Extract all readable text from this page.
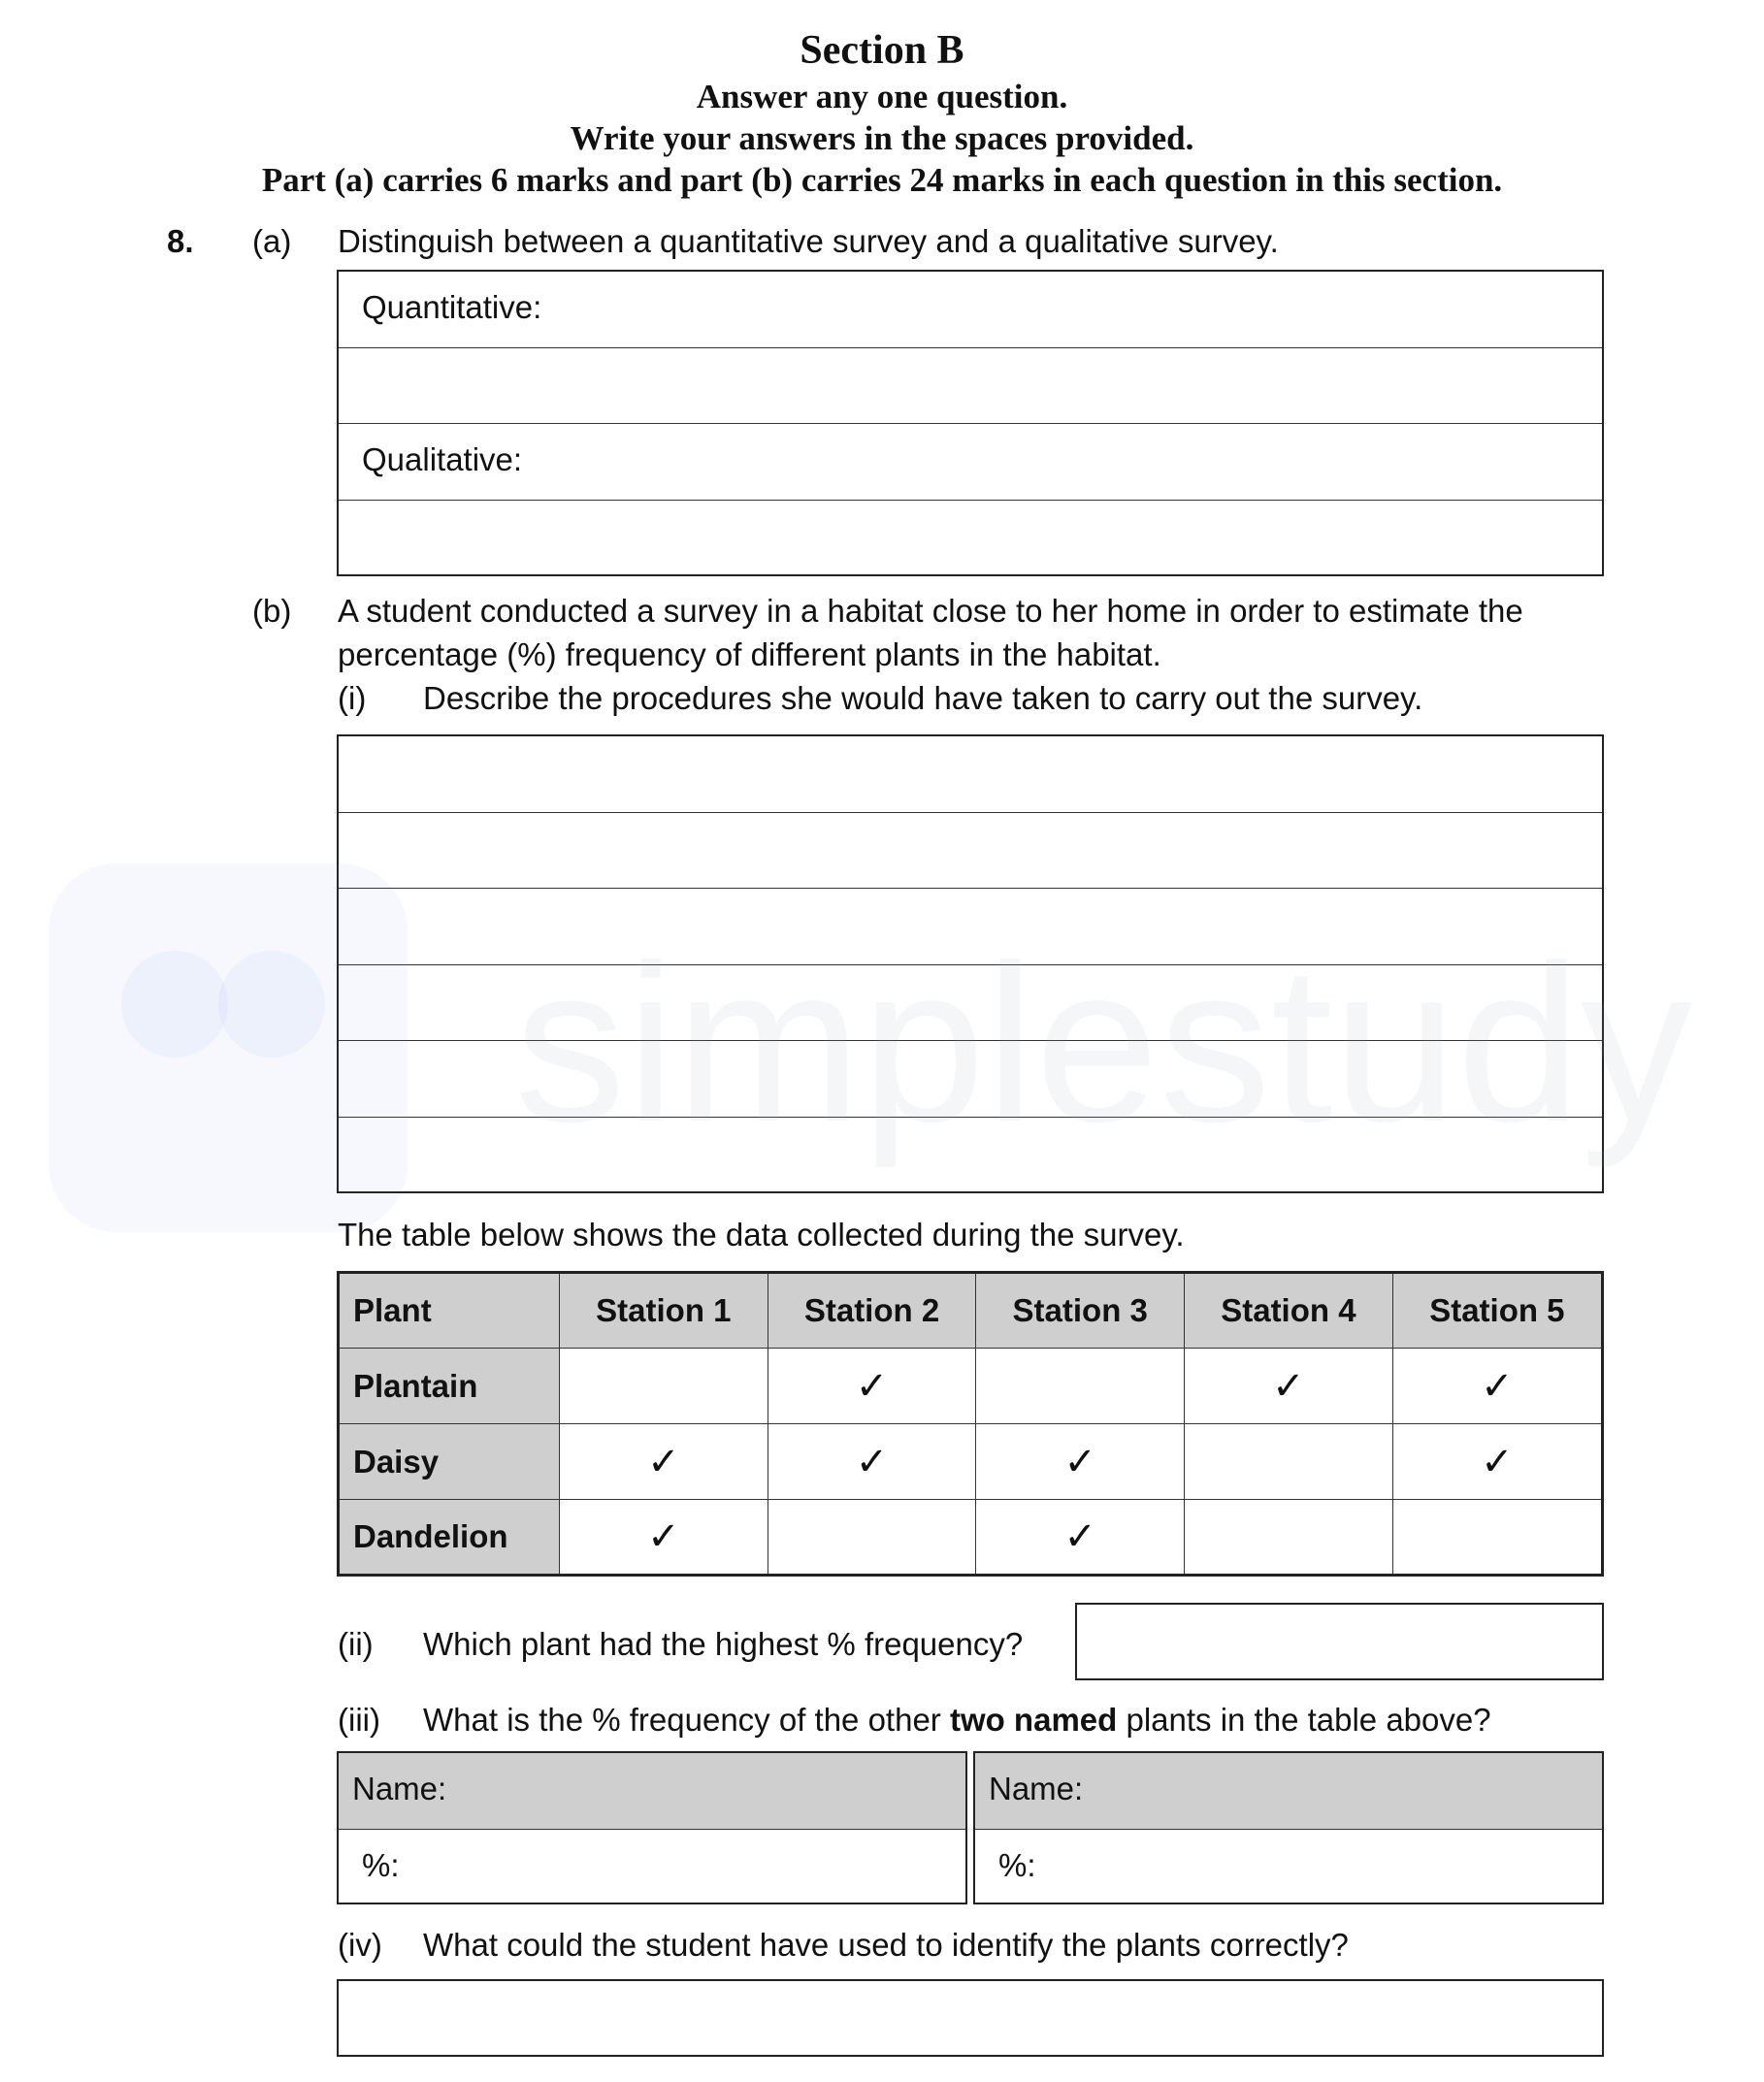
Section B
Answer any one question.
Write your answers in the spaces provided.
Part (a) carries 6 marks and part (b) carries 24 marks in each question in this section.
8. (a) Distinguish between a quantitative survey and a qualitative survey.
Quantitative:
Qualitative:
(b) A student conducted a survey in a habitat close to her home in order to estimate the
percentage (%) frequency of different plants in the habitat.
(i) Describe the procedures she would have taken to carry out the survey.
The table below shows the data collected during the survey.
Plant	Station 1	Station 2	Station 3	Station 4	Station 5
Plantain		✓		✓	✓
Daisy	✓	✓	✓		✓
Dandelion	✓		✓		
(ii) Which plant had the highest % frequency?
(iii) What is the % frequency of the other two named plants in the table above?
Name:
%:
Name:
%:
(iv) What could the student have used to identify the plants correctly?
simplestudy
